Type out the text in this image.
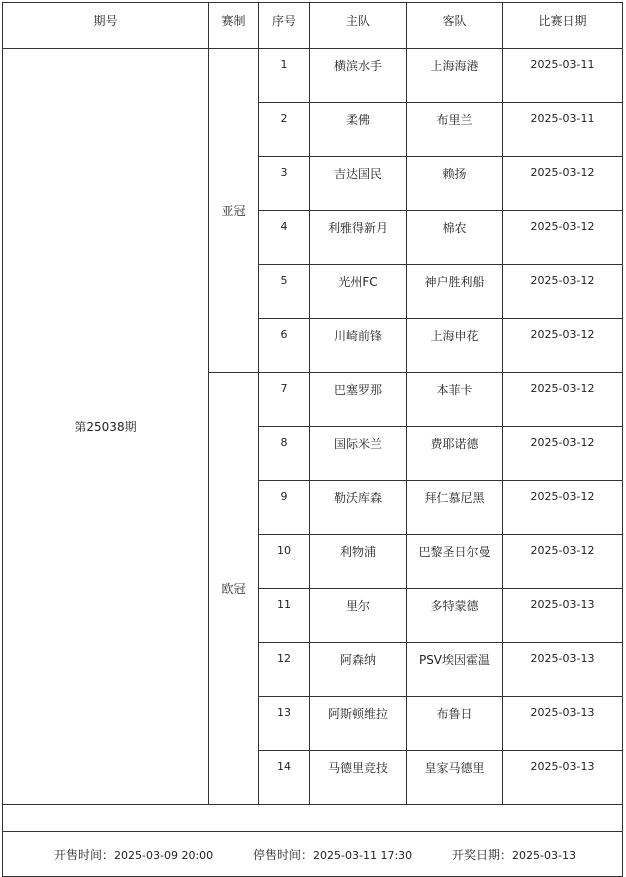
期号	赛制	序号	主队	客队	比赛日期
第25038期	亚冠	1	横滨水手	上海海港	2025-03-11
		2	柔佛	布里兰	2025-03-11
		3	吉达国民	赖扬	2025-03-12
		4	利雅得新月	棉农	2025-03-12
		5	光州FC	神户胜利船	2025-03-12
		6	川崎前锋	上海申花	2025-03-12
	欧冠	7	巴塞罗那	本菲卡	2025-03-12
		8	国际米兰	费耶诺德	2025-03-12
		9	勒沃库森	拜仁慕尼黑	2025-03-12
		10	利物浦	巴黎圣日尔曼	2025-03-12
		11	里尔	多特蒙德	2025-03-13
		12	阿森纳	PSV埃因霍温	2025-03-13
		13	阿斯顿维拉	布鲁日	2025-03-13
		14	马德里竞技	皇家马德里	2025-03-13

开售时间：2025-03-09 20:00 停售时间：2025-03-11 17:30 开奖日期：2025-03-13					
